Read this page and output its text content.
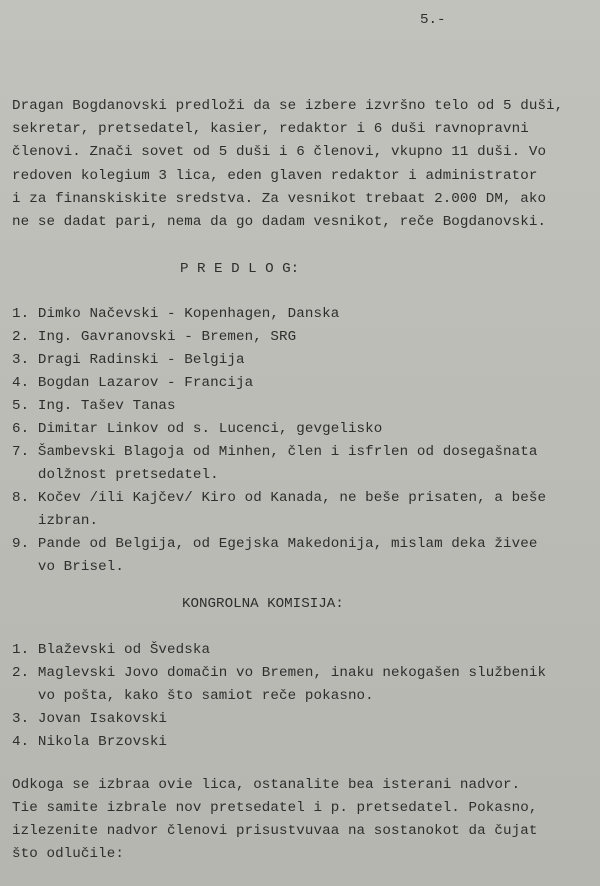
5.-
Dragan Bogdanovski predloži da se izbere izvršno telo od 5 duši,
sekretar, pretsedatel, kasier, redaktor i 6 duši ravnopravni
členovi. Znači sovet od 5 duši i 6 členovi, vkupno 11 duši. Vo
redoven kolegium 3 lica, eden glaven redaktor i administrator
i za finanskiskite sredstva. Za vesnikot trebaat 2.000 DM, ako
ne se dadat pari, nema da go dadam vesnikot, reče Bogdanovski.
P R E D L O G:
1. Dimko Načevski - Kopenhagen, Danska
2. Ing. Gavranovski - Bremen, SRG
3. Dragi Radinski - Belgija
4. Bogdan Lazarov - Francija
5. Ing. Tašev Tanas
6. Dimitar Linkov od s. Lucenci, gevgelisko
7. Šambevski Blagoja od Minhen, člen i isfrlen od dosegašnata
dolžnost pretsedatel.
8. Kočev /ili Kajčev/ Kiro od Kanada, ne beše prisaten, a beše
izbran.
9. Pande od Belgija, od Egejska Makedonija, mislam deka živee
vo Brisel.
KONGROLNA KOMISIJA:
1. Blaževski od Švedska
2. Maglevski Jovo domačin vo Bremen, inaku nekogašen službenik
vo pošta, kako što samiot reče pokasno.
3. Jovan Isakovski
4. Nikola Brzovski
Odkoga se izbraa ovie lica, ostanalite bea isterani nadvor.
Tie samite izbrale nov pretsedatel i p. pretsedatel. Pokasno,
izlezenite nadvor členovi prisustvuvaa na sostanokot da čujat
što odlučile:
